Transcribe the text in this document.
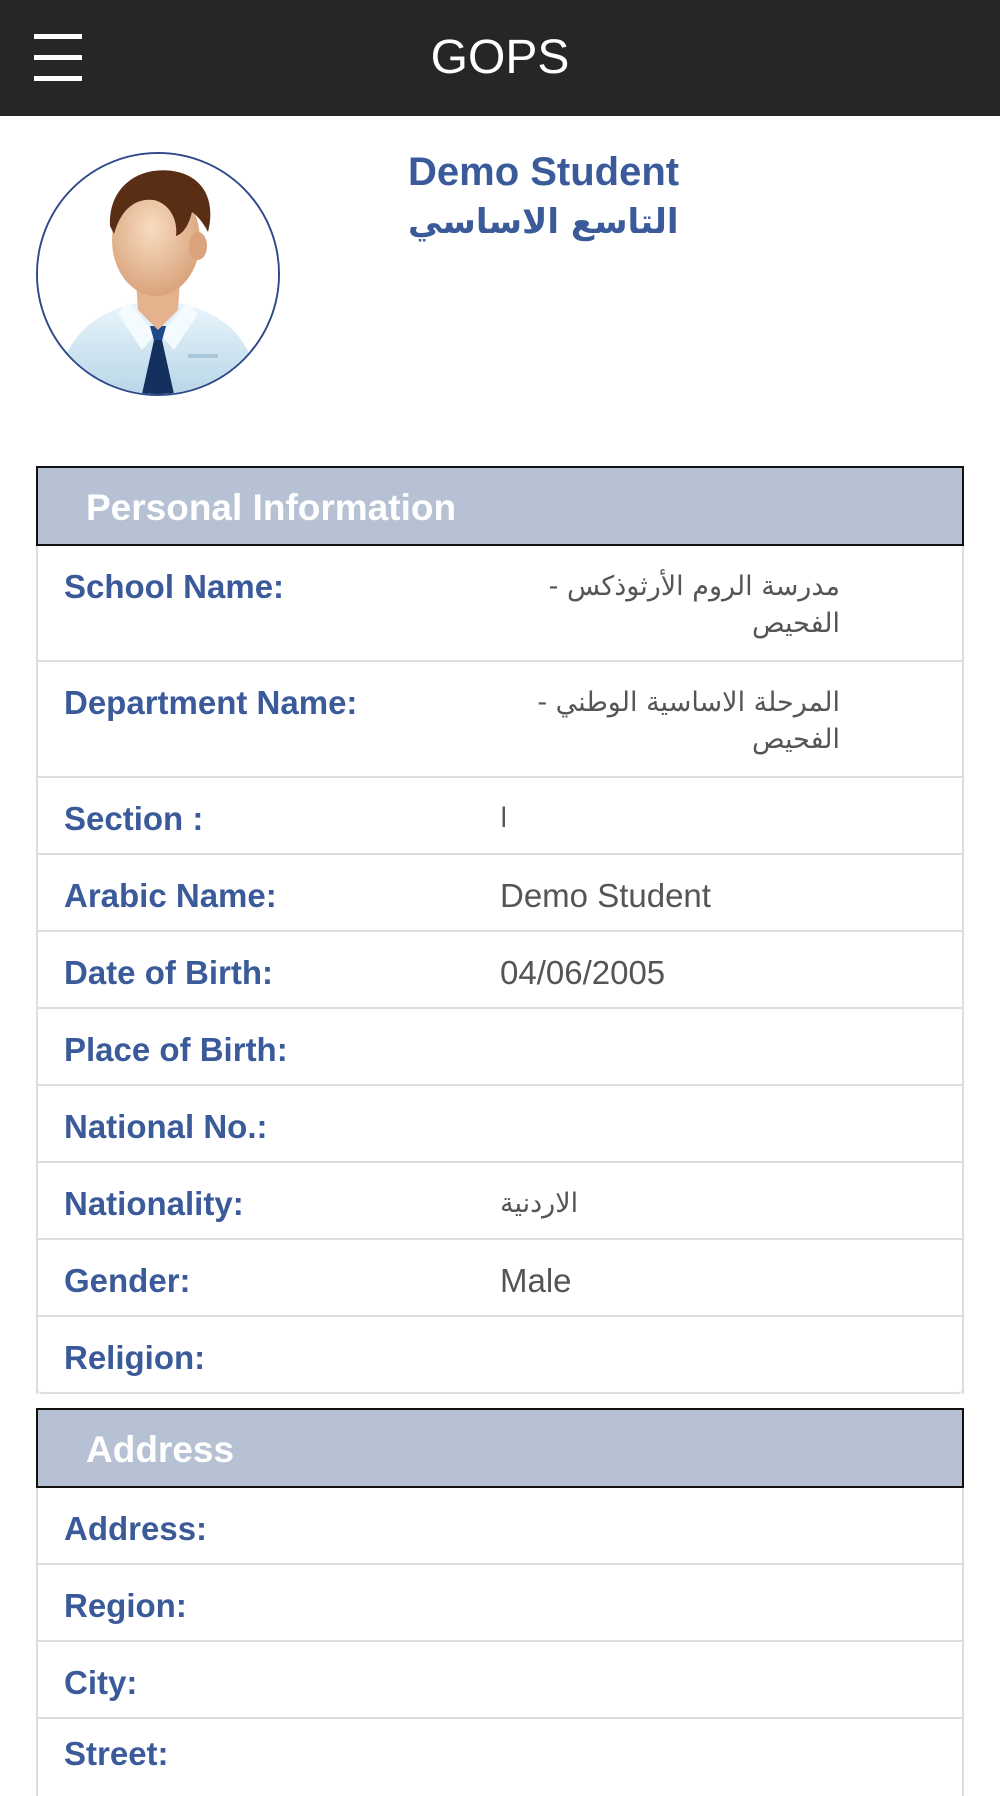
GOPS
Demo Student
التاسع الاساسي
Personal Information
School Name:	مدرسة الروم الأرثوذكس - الفحيص
Department Name:	المرحلة الاساسية الوطني - الفحيص
Section :	ا
Arabic Name:	Demo Student
Date of Birth:	04/06/2005
Place of Birth:
National No.:
Nationality:	الاردنية
Gender:	Male
Religion:
Address
Address:
Region:
City:
Street:
